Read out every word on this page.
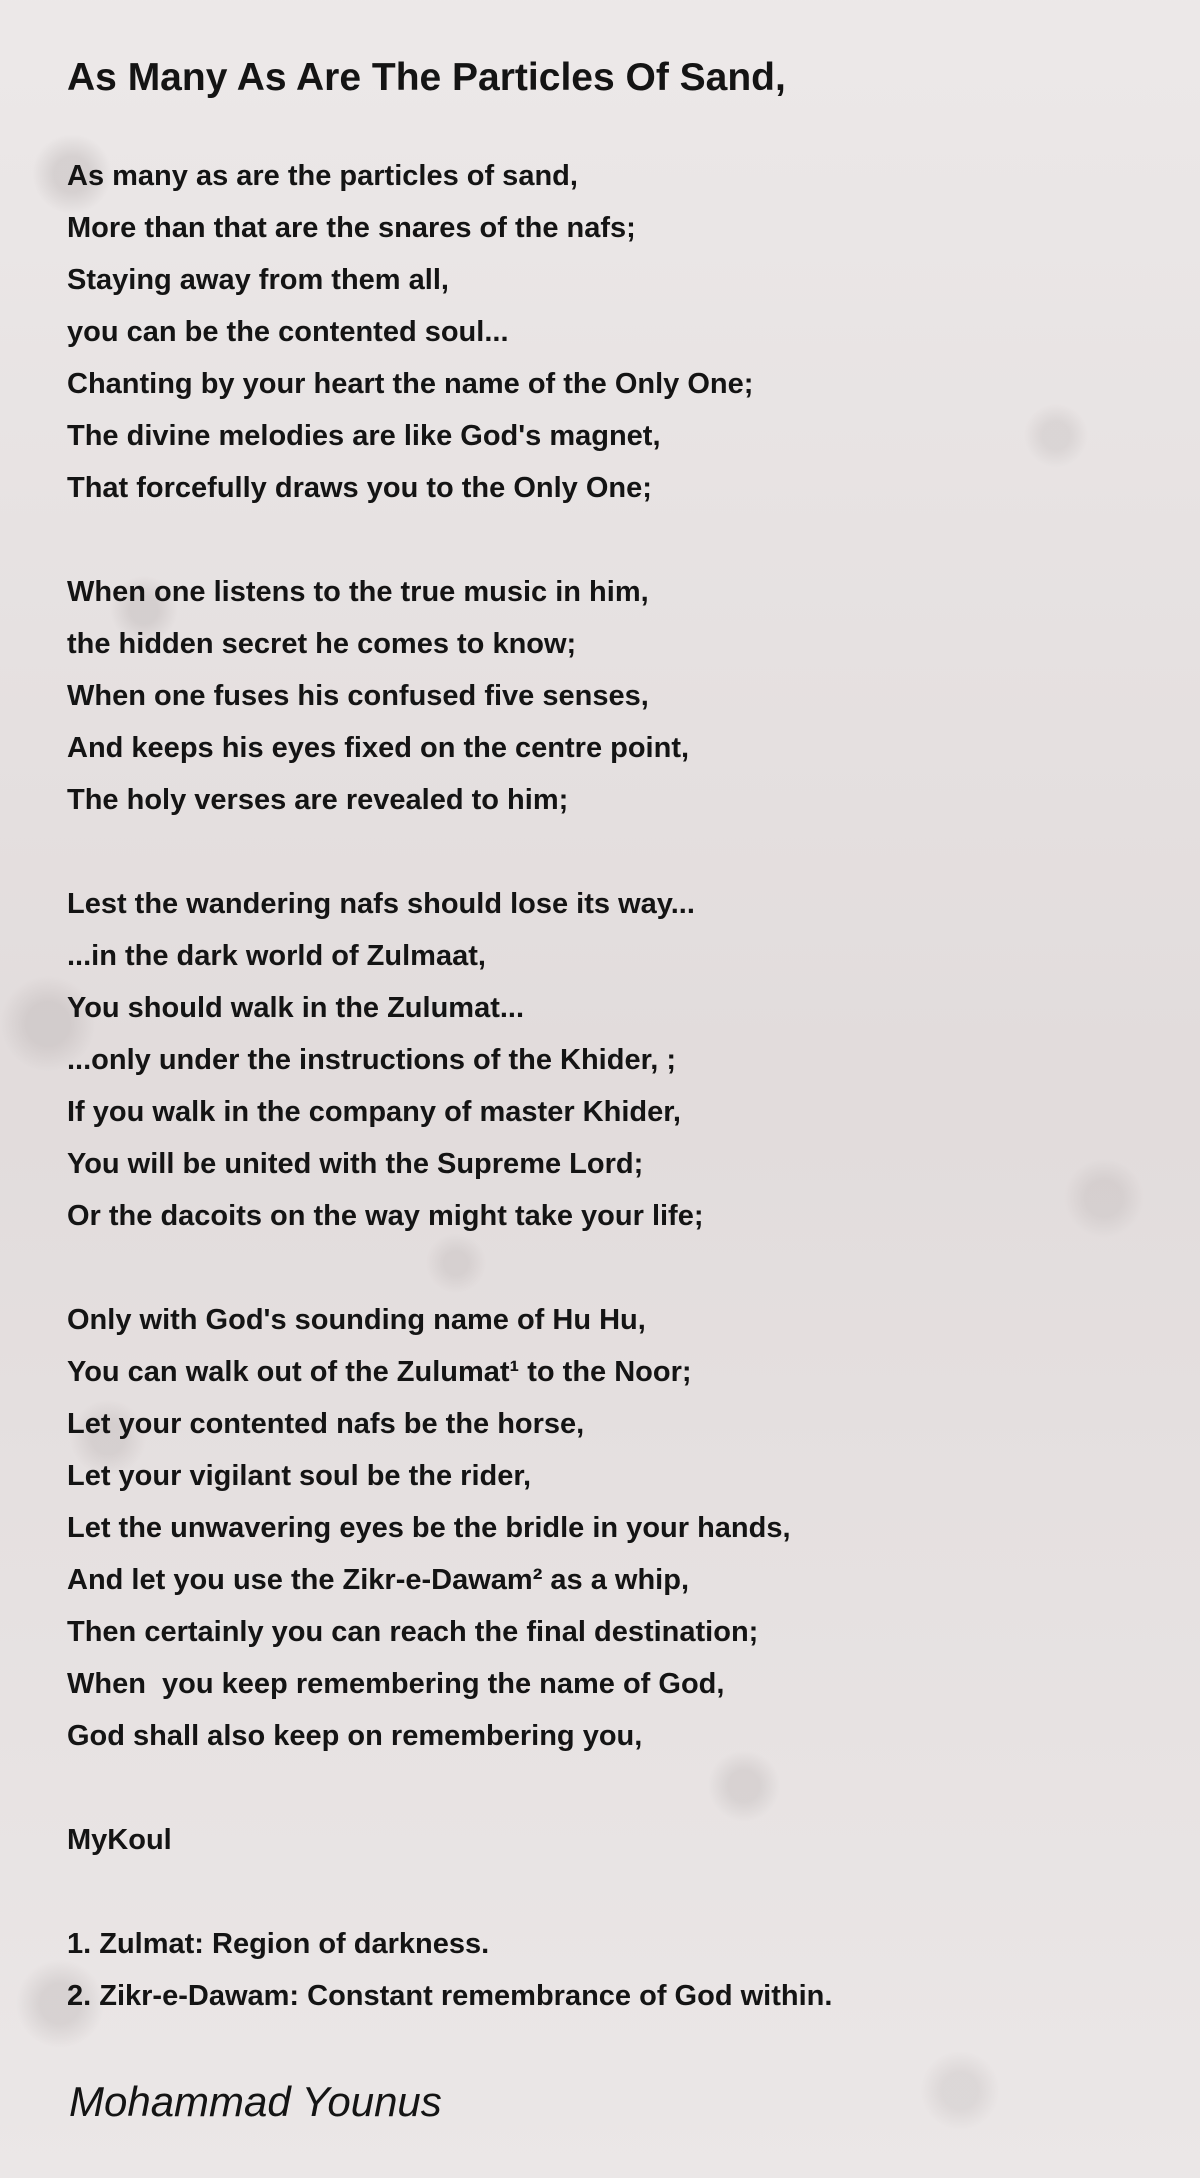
As Many As Are The Particles Of Sand,
As many as are the particles of sand,
More than that are the snares of the nafs;
Staying away from them all,
you can be the contented soul...
Chanting by your heart the name of the Only One;
The divine melodies are like God's magnet,
That forcefully draws you to the Only One;
When one listens to the true music in him,
the hidden secret he comes to know;
When one fuses his confused five senses,
And keeps his eyes fixed on the centre point,
The holy verses are revealed to him;
Lest the wandering nafs should lose its way...
...in the dark world of Zulmaat,
You should walk in the Zulumat...
...only under the instructions of the Khider, ;
If you walk in the company of master Khider,
You will be united with the Supreme Lord;
Or the dacoits on the way might take your life;
Only with God's sounding name of Hu Hu,
You can walk out of the Zulumat¹ to the Noor;
Let your contented nafs be the horse,
Let your vigilant soul be the rider,
Let the unwavering eyes be the bridle in your hands,
And let you use the Zikr-e-Dawam² as a whip,
Then certainly you can reach the final destination;
When  you keep remembering the name of God,
God shall also keep on remembering you,
MyKoul
1. Zulmat: Region of darkness.
2. Zikr-e-Dawam: Constant remembrance of God within.
Mohammad Younus
